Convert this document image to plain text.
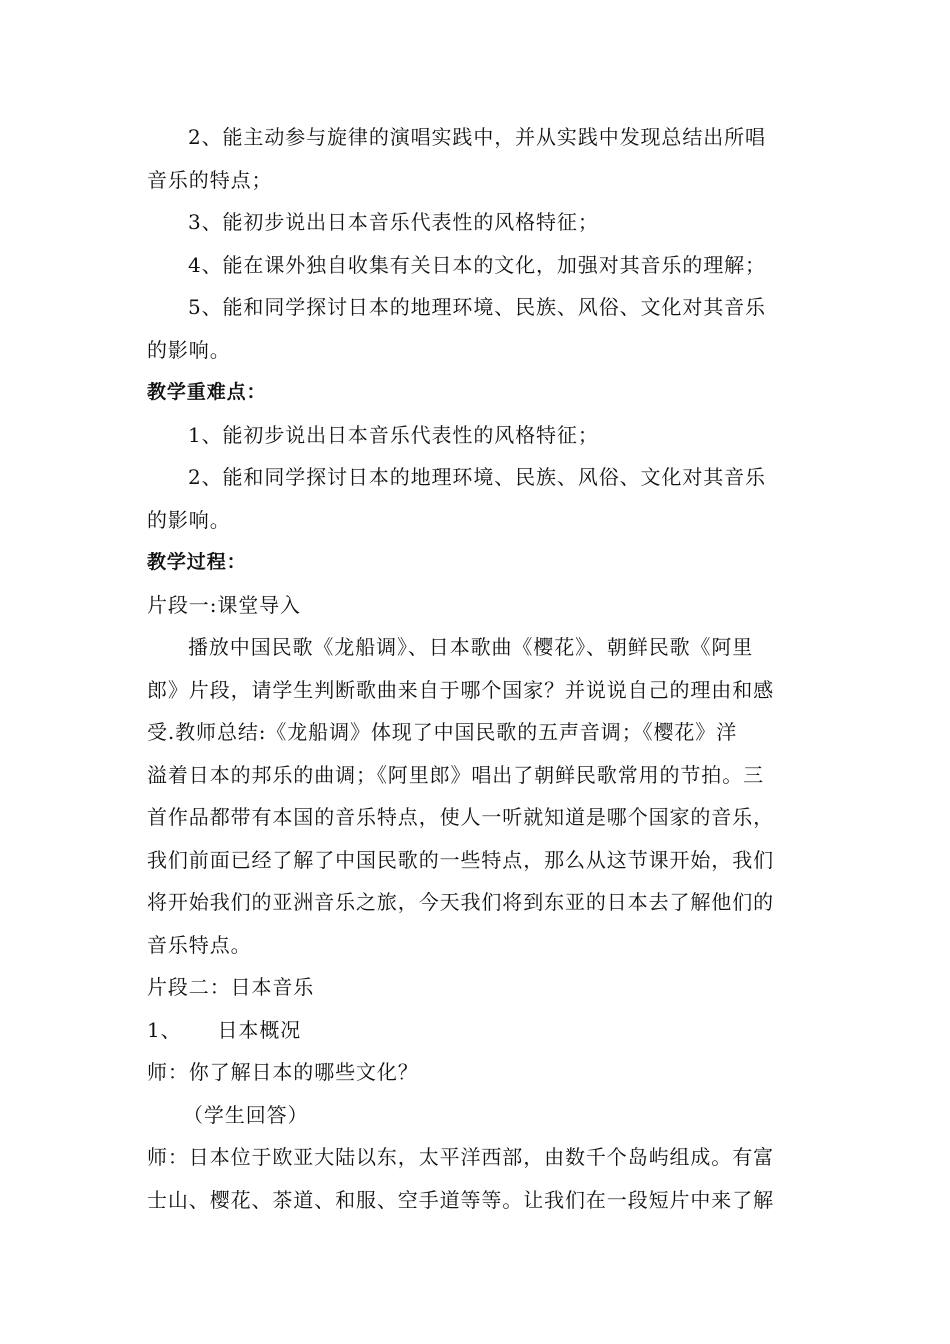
2、能主动参与旋律的演唱实践中，并从实践中发现总结出所唱
音乐的特点；
3、能初步说出日本音乐代表性的风格特征；
4、能在课外独自收集有关日本的文化，加强对其音乐的理解；
5、能和同学探讨日本的地理环境、民族、风俗、文化对其音乐
的影响。
教学重难点：
1、能初步说出日本音乐代表性的风格特征；
2、能和同学探讨日本的地理环境、民族、风俗、文化对其音乐
的影响。
教学过程：
片段一:课堂导入
播放中国民歌《龙船调》、日本歌曲《樱花》、朝鲜民歌《阿里
郎》片段，请学生判断歌曲来自于哪个国家？并说说自己的理由和感
受.教师总结:《龙船调》体现了中国民歌的五声音调；《樱花》洋
溢着日本的邦乐的曲调；《阿里郎》唱出了朝鲜民歌常用的节拍。三
首作品都带有本国的音乐特点，使人一听就知道是哪个国家的音乐，
我们前面已经了解了中国民歌的一些特点，那么从这节课开始，我们
将开始我们的亚洲音乐之旅，今天我们将到东亚的日本去了解他们的
音乐特点。
片段二：日本音乐
1、 日本概况
师：你了解日本的哪些文化？
（学生回答）
师：日本位于欧亚大陆以东，太平洋西部，由数千个岛屿组成。有富
士山、樱花、茶道、和服、空手道等等。让我们在一段短片中来了解
